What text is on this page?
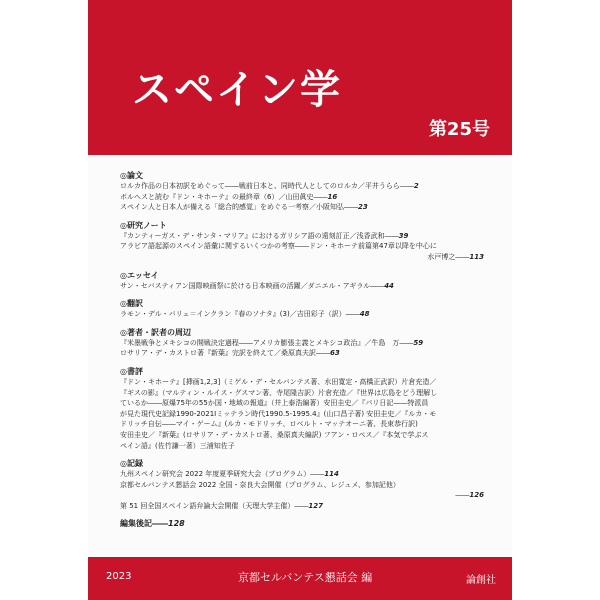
スペイン学
第25号
◎論文
ロルカ作品の日本初訳をめぐって――戦前日本と、同時代人としてのロルカ／平井うらら――2
ボルヘスと読む『ドン・キホーテ』の最終章（6）／山田眞史――16
スペイン人と日本人が備える「総合的感覚」をめぐる一考察／小阪知弘――23
◎研究ノート
『カンティーガス・デ・サンタ・マリア』におけるガリシア語の遠刻訂正／浅香武和――39
アラビア語起源のスペイン語彙に関するいくつかの考察――ドン・キホーテ前篇第47章以降を中心に
水戸博之――113
◎エッセイ
サン・セバスティアン国際映画祭に於ける日本映画の活躍／ダニエル・アギラル――44
◎翻訳
ラモン・デル・バリェ＝インクラン『春のソナタ』(3)／吉田彩子（訳）――48
◎著者・訳者の周辺
『米墨戦争とメキシコの開戦決定過程――アメリカ膨張主義とメキシコ政治』／牛島　万――59
ロサリア・デ・カストロ著『新葉』完訳を終えて／桑原真夫訳――63
◎書評
『ドン・キホーテ』[挿画1,2,3]（ミゲル・デ・セルバンテス著、水田寛定・高橋正武訳）片倉充造／
『ギスの影』（マルティン・ルイス・グスマン著、寺尾隆吉訳）片倉充造／『世界は広島をどう理解し
ているか――原爆75年の55か国・地域の報道』（井上泰浩編著）安田圭史／『パリ日記――特派員
が見た現代史記録1990-2021Ⅰミッテラン時代1990.5-1995.4』(山口昌子著) 安田圭史／『ルカ・モ
ドリッチ自伝――マイ・ゲーム』(ルカ・モドリッチ、ロベルト・マッテオーニ著、長束恭行訳)
安田圭史／『新葉』(ロサリア・デ・カストロ著、桑原真夫編訳) フアン・ロペス／『本気で学ぶス
ペイン語』(佐竹謙一著）三浦知佐子
◎記録
九州スペイン研究会 2022 年度夏季研究大会（プログラム）――114
京都セルバンテス懇話会 2022 全国・奈良大会開催（プログラム、レジュメ、参加記他）
――126
第 51 回全国スペイン語弁論大会開催（天理大学主催）――127
編集後記――128
2023	京都セルバンテス懇話会 編	論創社
